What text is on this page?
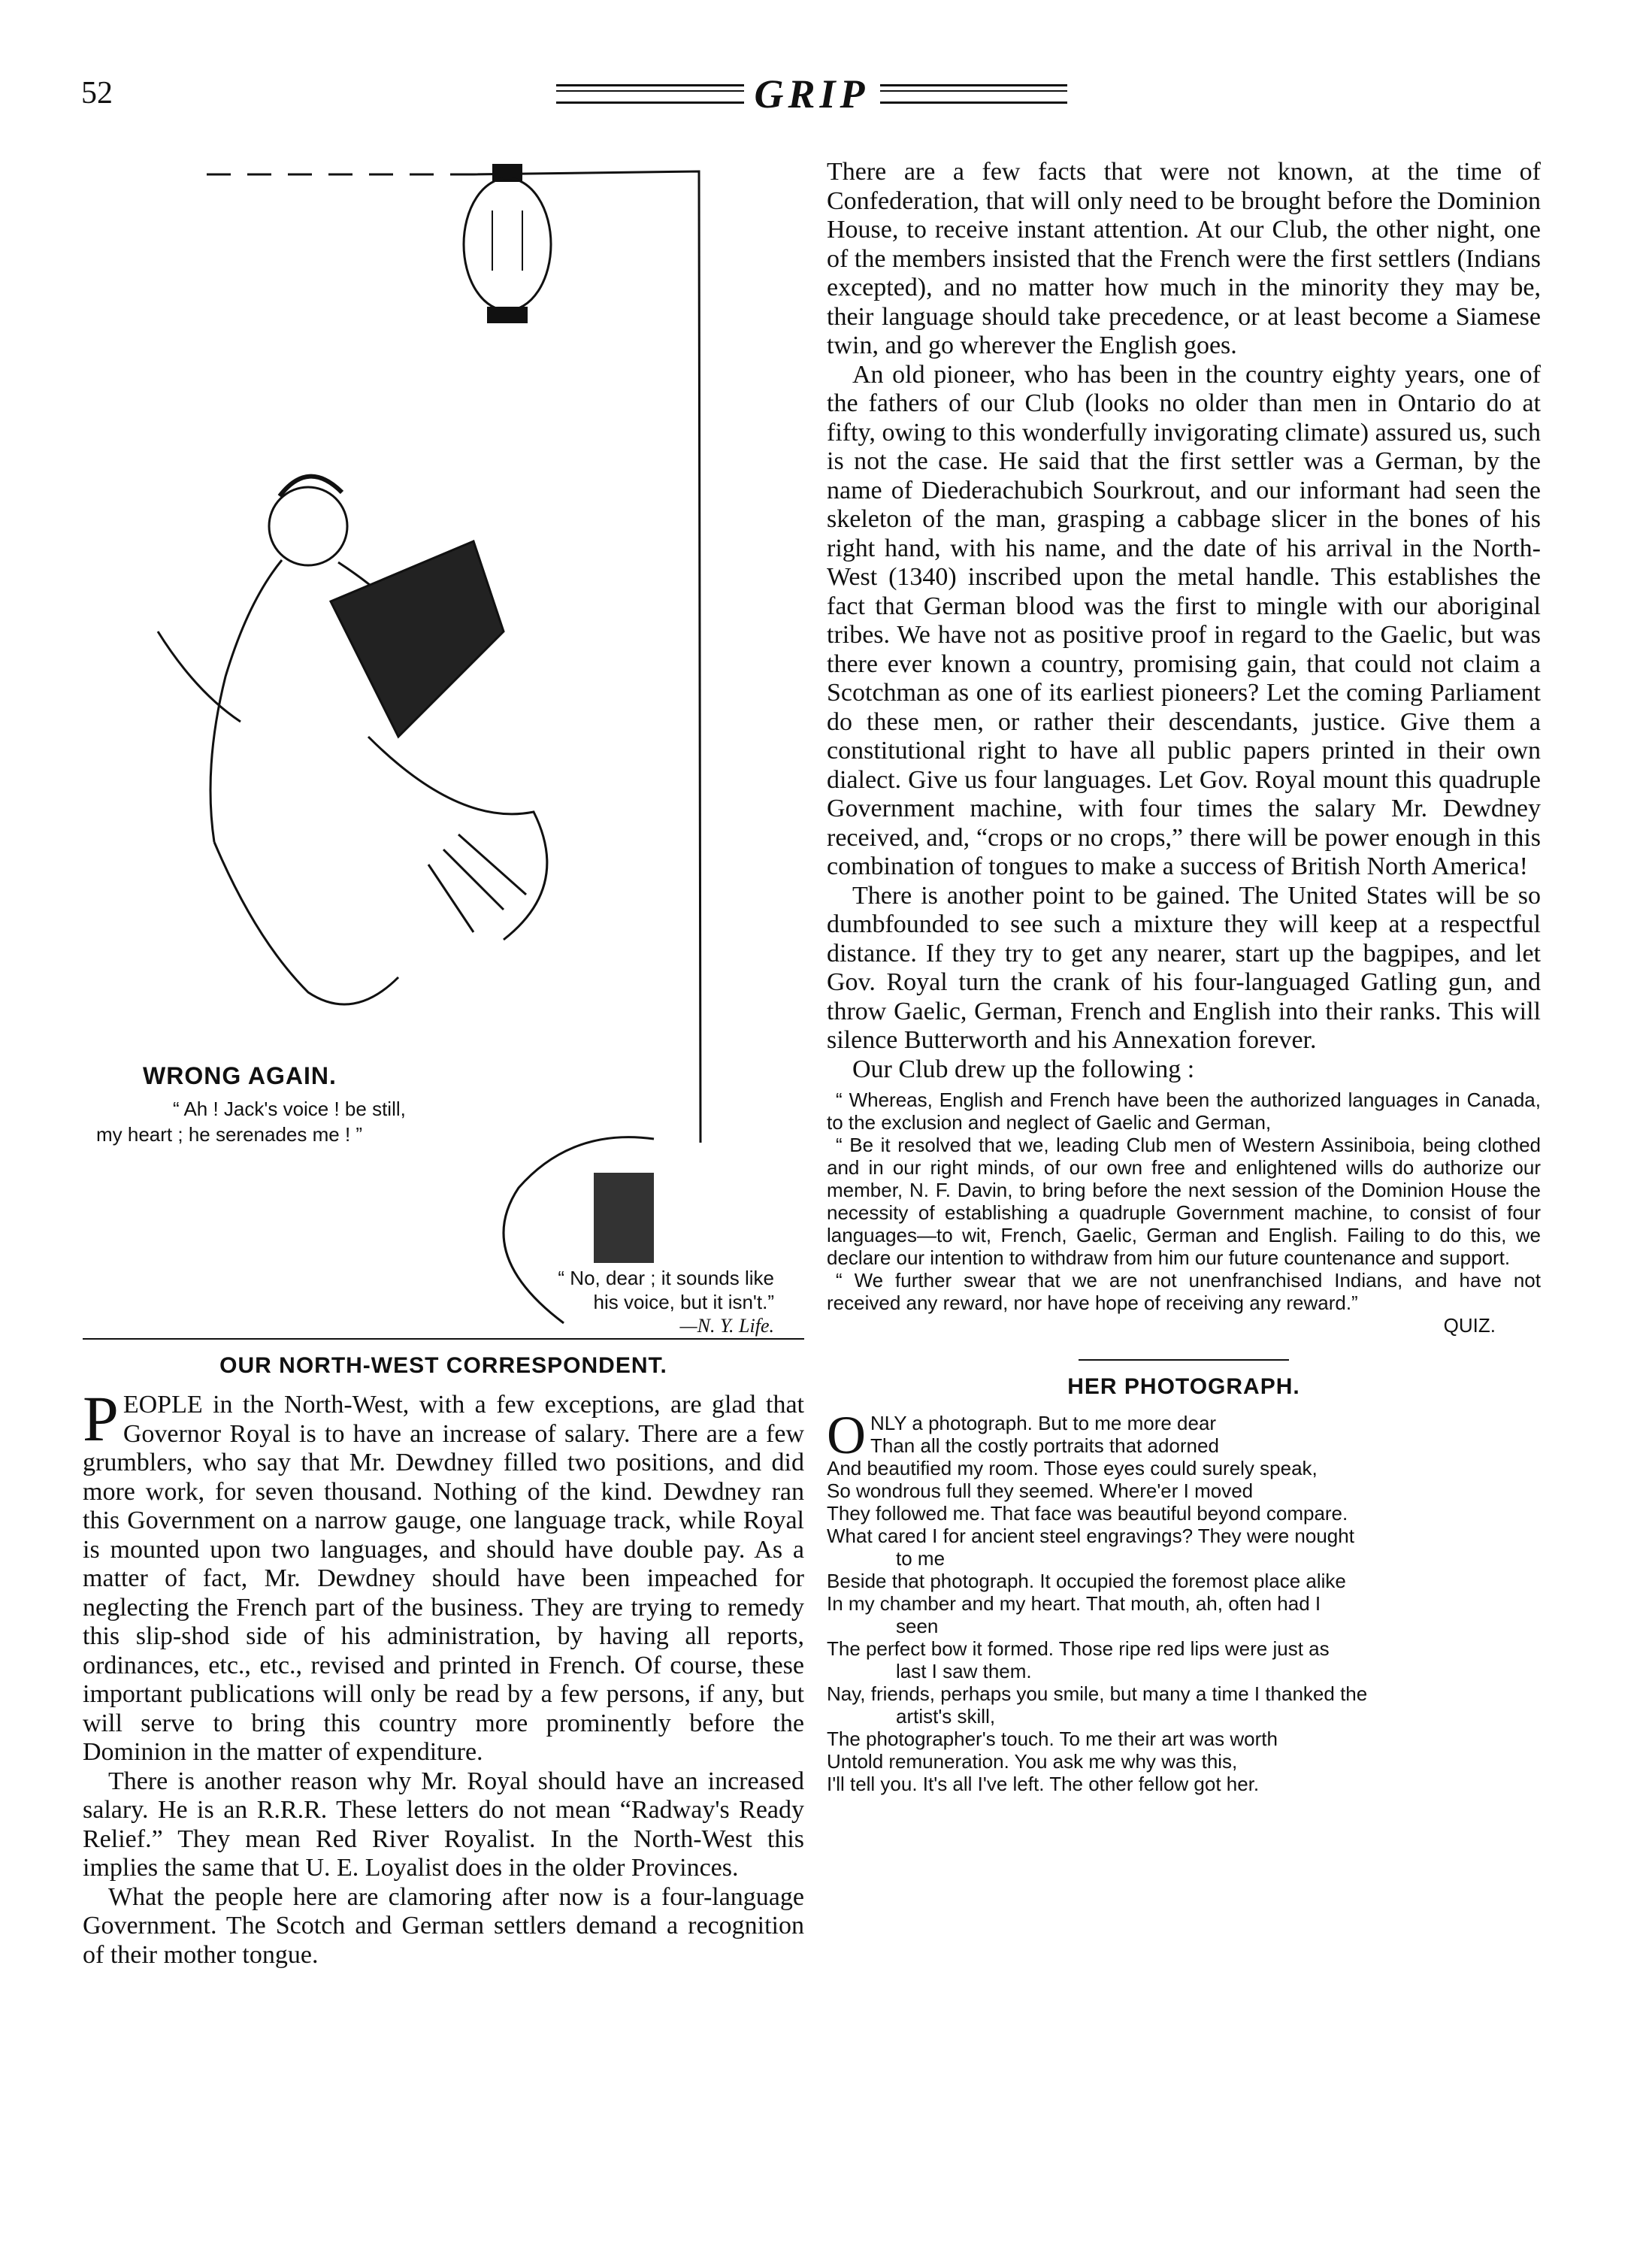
52	GRIP
WRONG AGAIN.
“ Ah ! Jack's voice ! be still,
my heart ; he serenades me ! ”
“ No, dear ; it sounds like
his voice, but it isn't.”
—N. Y. Life.
OUR NORTH-WEST CORRESPONDENT.

PEOPLE in the North-West, with a few exceptions, are glad that Governor Royal is to have an increase of salary. There are a few grumblers, who say that Mr. Dewdney filled two positions, and did more work, for seven thousand. Nothing of the kind. Dewdney ran this Government on a narrow gauge, one language track, while Royal is mounted upon two languages, and should have double pay. As a matter of fact, Mr. Dewdney should have been impeached for neglecting the French part of the business. They are trying to remedy this slip-shod side of his administration, by having all reports, ordinances, etc., etc., revised and printed in French. Of course, these important publications will only be read by a few persons, if any, but will serve to bring this country more prominently before the Dominion in the matter of expenditure.

There is another reason why Mr. Royal should have an increased salary. He is an R.R.R. These letters do not mean “Radway's Ready Relief.” They mean Red River Royalist. In the North-West this implies the same that U. E. Loyalist does in the older Provinces.

What the people here are clamoring after now is a four-language Government. The Scotch and German settlers demand a recognition of their mother tongue.

There are a few facts that were not known, at the time of Confederation, that will only need to be brought before the Dominion House, to receive instant attention. At our Club, the other night, one of the members insisted that the French were the first settlers (Indians excepted), and no matter how much in the minority they may be, their language should take precedence, or at least become a Siamese twin, and go wherever the English goes.

An old pioneer, who has been in the country eighty years, one of the fathers of our Club (looks no older than men in Ontario do at fifty, owing to this wonderfully invigorating climate) assured us, such is not the case. He said that the first settler was a German, by the name of Diederachubich Sourkrout, and our informant had seen the skeleton of the man, grasping a cabbage slicer in the bones of his right hand, with his name, and the date of his arrival in the North-West (1340) inscribed upon the metal handle. This establishes the fact that German blood was the first to mingle with our aboriginal tribes. We have not as positive proof in regard to the Gaelic, but was there ever known a country, promising gain, that could not claim a Scotchman as one of its earliest pioneers? Let the coming Parliament do these men, or rather their descendants, justice. Give them a constitutional right to have all public papers printed in their own dialect. Give us four languages. Let Gov. Royal mount this quadruple Government machine, with four times the salary Mr. Dewdney received, and, “crops or no crops,” there will be power enough in this combination of tongues to make a success of British North America!

There is another point to be gained. The United States will be so dumbfounded to see such a mixture they will keep at a respectful distance. If they try to get any nearer, start up the bagpipes, and let Gov. Royal turn the crank of his four-languaged Gatling gun, and throw Gaelic, German, French and English into their ranks. This will silence Butterworth and his Annexation forever.

Our Club drew up the following :

“ Whereas, English and French have been the authorized languages in Canada, to the exclusion and neglect of Gaelic and German,

“ Be it resolved that we, leading Club men of Western Assiniboia, being clothed and in our right minds, of our own free and enlightened wills do authorize our member, N. F. Davin, to bring before the next session of the Dominion House the necessity of establishing a quadruple Government machine, to consist of four languages—to wit, French, Gaelic, German and English. Failing to do this, we declare our intention to withdraw from him our future countenance and support.

“ We further swear that we are not unenfranchised Indians, and have not received any reward, nor have hope of receiving any reward.”

QUIZ.
HER PHOTOGRAPH.
O NLY a photograph. But to me more dear
Than all the costly portraits that adorned
And beautified my room. Those eyes could surely speak,
So wondrous full they seemed. Where'er I moved
They followed me. That face was beautiful beyond compare.
What cared I for ancient steel engravings? They were nought
to me
Beside that photograph. It occupied the foremost place alike
In my chamber and my heart. That mouth, ah, often had I
seen
The perfect bow it formed. Those ripe red lips were just as
last I saw them.
Nay, friends, perhaps you smile, but many a time I thanked the
artist's skill,
The photographer's touch. To me their art was worth
Untold remuneration. You ask me why was this,
I'll tell you. It's all I've left. The other fellow got her.
